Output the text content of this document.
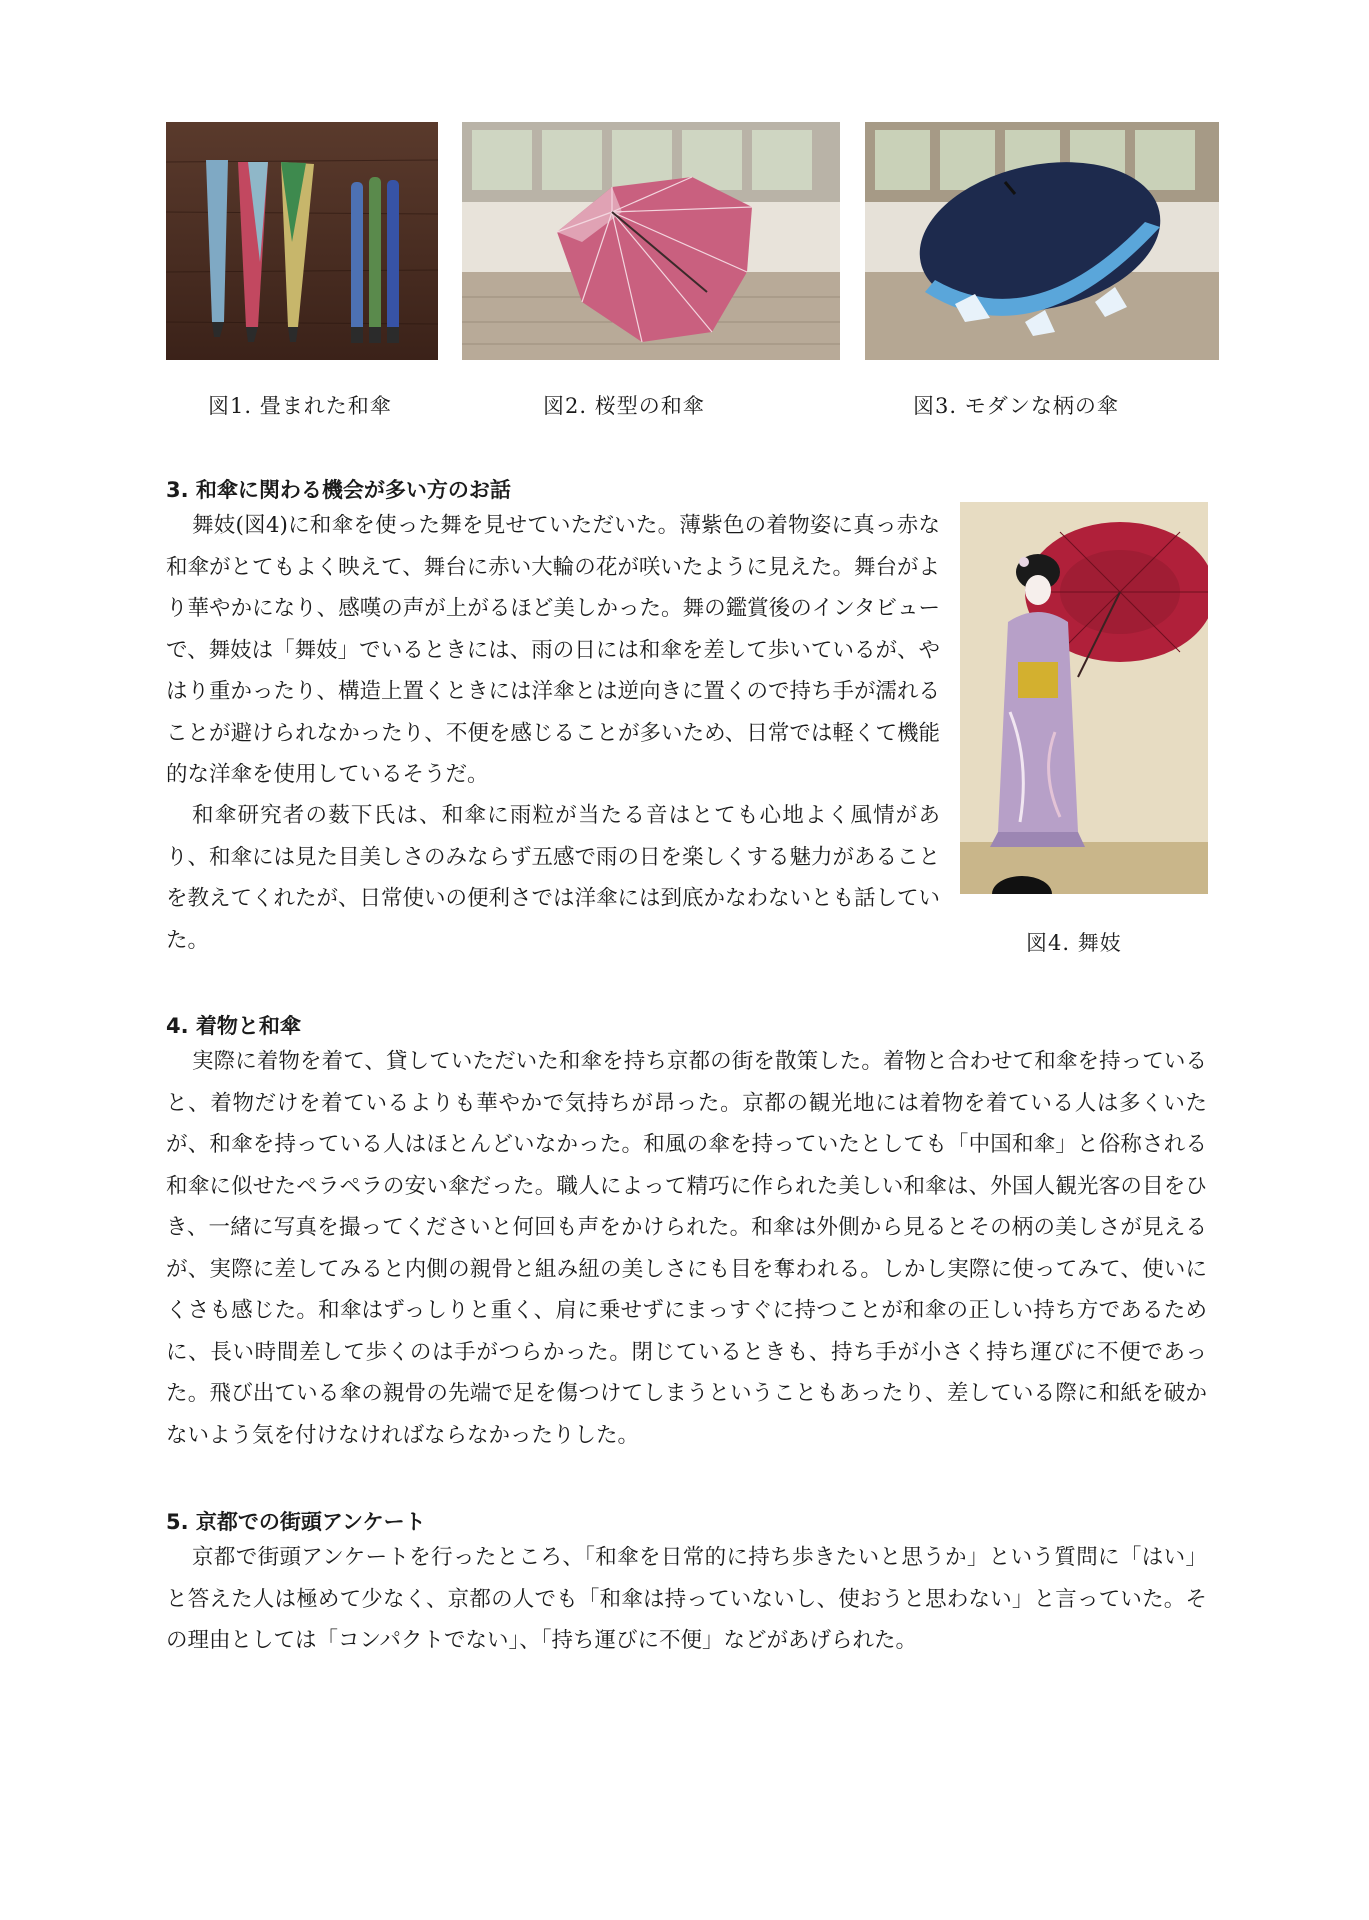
図1. 畳まれた和傘	図2. 桜型の和傘	図3. モダンな柄の傘
3. 和傘に関わる機会が多い方のお話

舞妓(図4)に和傘を使った舞を見せていただいた。薄紫色の着物姿に真っ赤な和傘がとてもよく映えて、舞台に赤い大輪の花が咲いたように見えた。舞台がより華やかになり、感嘆の声が上がるほど美しかった。舞の鑑賞後のインタビューで、舞妓は「舞妓」でいるときには、雨の日には和傘を差して歩いているが、やはり重かったり、構造上置くときには洋傘とは逆向きに置くので持ち手が濡れることが避けられなかったり、不便を感じることが多いため、日常では軽くて機能的な洋傘を使用しているそうだ。

和傘研究者の薮下氏は、和傘に雨粒が当たる音はとても心地よく風情があり、和傘には見た目美しさのみならず五感で雨の日を楽しくする魅力があることを教えてくれたが、日常使いの便利さでは洋傘には到底かなわないとも話していた。	図4. 舞妓
4. 着物と和傘

実際に着物を着て、貸していただいた和傘を持ち京都の街を散策した。着物と合わせて和傘を持っていると、着物だけを着ているよりも華やかで気持ちが昂った。京都の観光地には着物を着ている人は多くいたが、和傘を持っている人はほとんどいなかった。和風の傘を持っていたとしても「中国和傘」と俗称される和傘に似せたペラペラの安い傘だった。職人によって精巧に作られた美しい和傘は、外国人観光客の目をひき、一緒に写真を撮ってくださいと何回も声をかけられた。和傘は外側から見るとその柄の美しさが見えるが、実際に差してみると内側の親骨と組み紐の美しさにも目を奪われる。しかし実際に使ってみて、使いにくさも感じた。和傘はずっしりと重く、肩に乗せずにまっすぐに持つことが和傘の正しい持ち方であるために、長い時間差して歩くのは手がつらかった。閉じているときも、持ち手が小さく持ち運びに不便であった。飛び出ている傘の親骨の先端で足を傷つけてしまうということもあったり、差している際に和紙を破かないよう気を付けなければならなかったりした。

5. 京都での街頭アンケート

京都で街頭アンケートを行ったところ、「和傘を日常的に持ち歩きたいと思うか」という質問に「はい」と答えた人は極めて少なく、京都の人でも「和傘は持っていないし、使おうと思わない」と言っていた。その理由としては「コンパクトでない」、「持ち運びに不便」などがあげられた。
